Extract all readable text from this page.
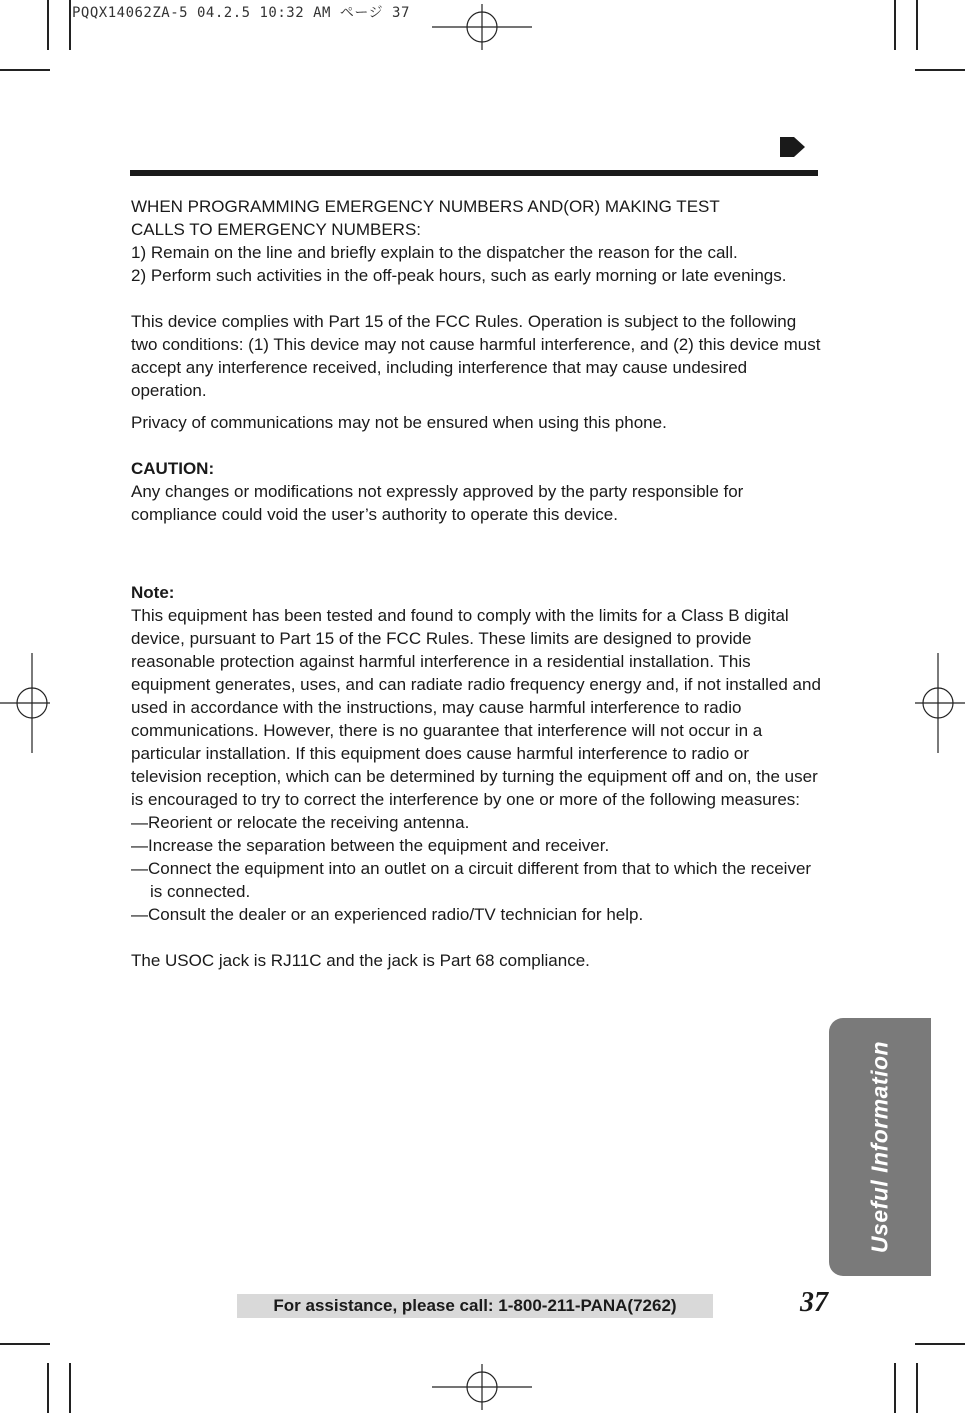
PQQX14062ZA-5 04.2.5 10:32 AM ページ 37

WHEN PROGRAMMING EMERGENCY NUMBERS AND(OR) MAKING TEST

CALLS TO EMERGENCY NUMBERS:

1) Remain on the line and briefly explain to the dispatcher the reason for the call.

2) Perform such activities in the off-peak hours, such as early morning or late evenings.

This device complies with Part 15 of the FCC Rules. Operation is subject to the following two conditions: (1) This device may not cause harmful interference, and (2) this device must accept any interference received, including interference that may cause undesired operation.

Privacy of communications may not be ensured when using this phone.

CAUTION:

Any changes or modifications not expressly approved by the party responsible for compliance could void the user’s authority to operate this device.

Note:

This equipment has been tested and found to comply with the limits for a Class B digital device, pursuant to Part 15 of the FCC Rules. These limits are designed to provide reasonable protection against harmful interference in a residential installation. This equipment generates, uses, and can radiate radio frequency energy and, if not installed and used in accordance with the instructions, may cause harmful interference to radio communications. However, there is no guarantee that interference will not occur in a particular installation. If this equipment does cause harmful interference to radio or television reception, which can be determined by turning the equipment off and on, the user is encouraged to try to correct the interference by one or more of the following measures:

—Reorient or relocate the receiving antenna.

—Increase the separation between the equipment and receiver.

—Connect the equipment into an outlet on a circuit different from that to which the receiver is connected.

—Consult the dealer or an experienced radio/TV technician for help.

The USOC jack is RJ11C and the jack is Part 68 compliance.

Useful Information
For assistance, please call: 1-800-211-PANA(7262)	37
